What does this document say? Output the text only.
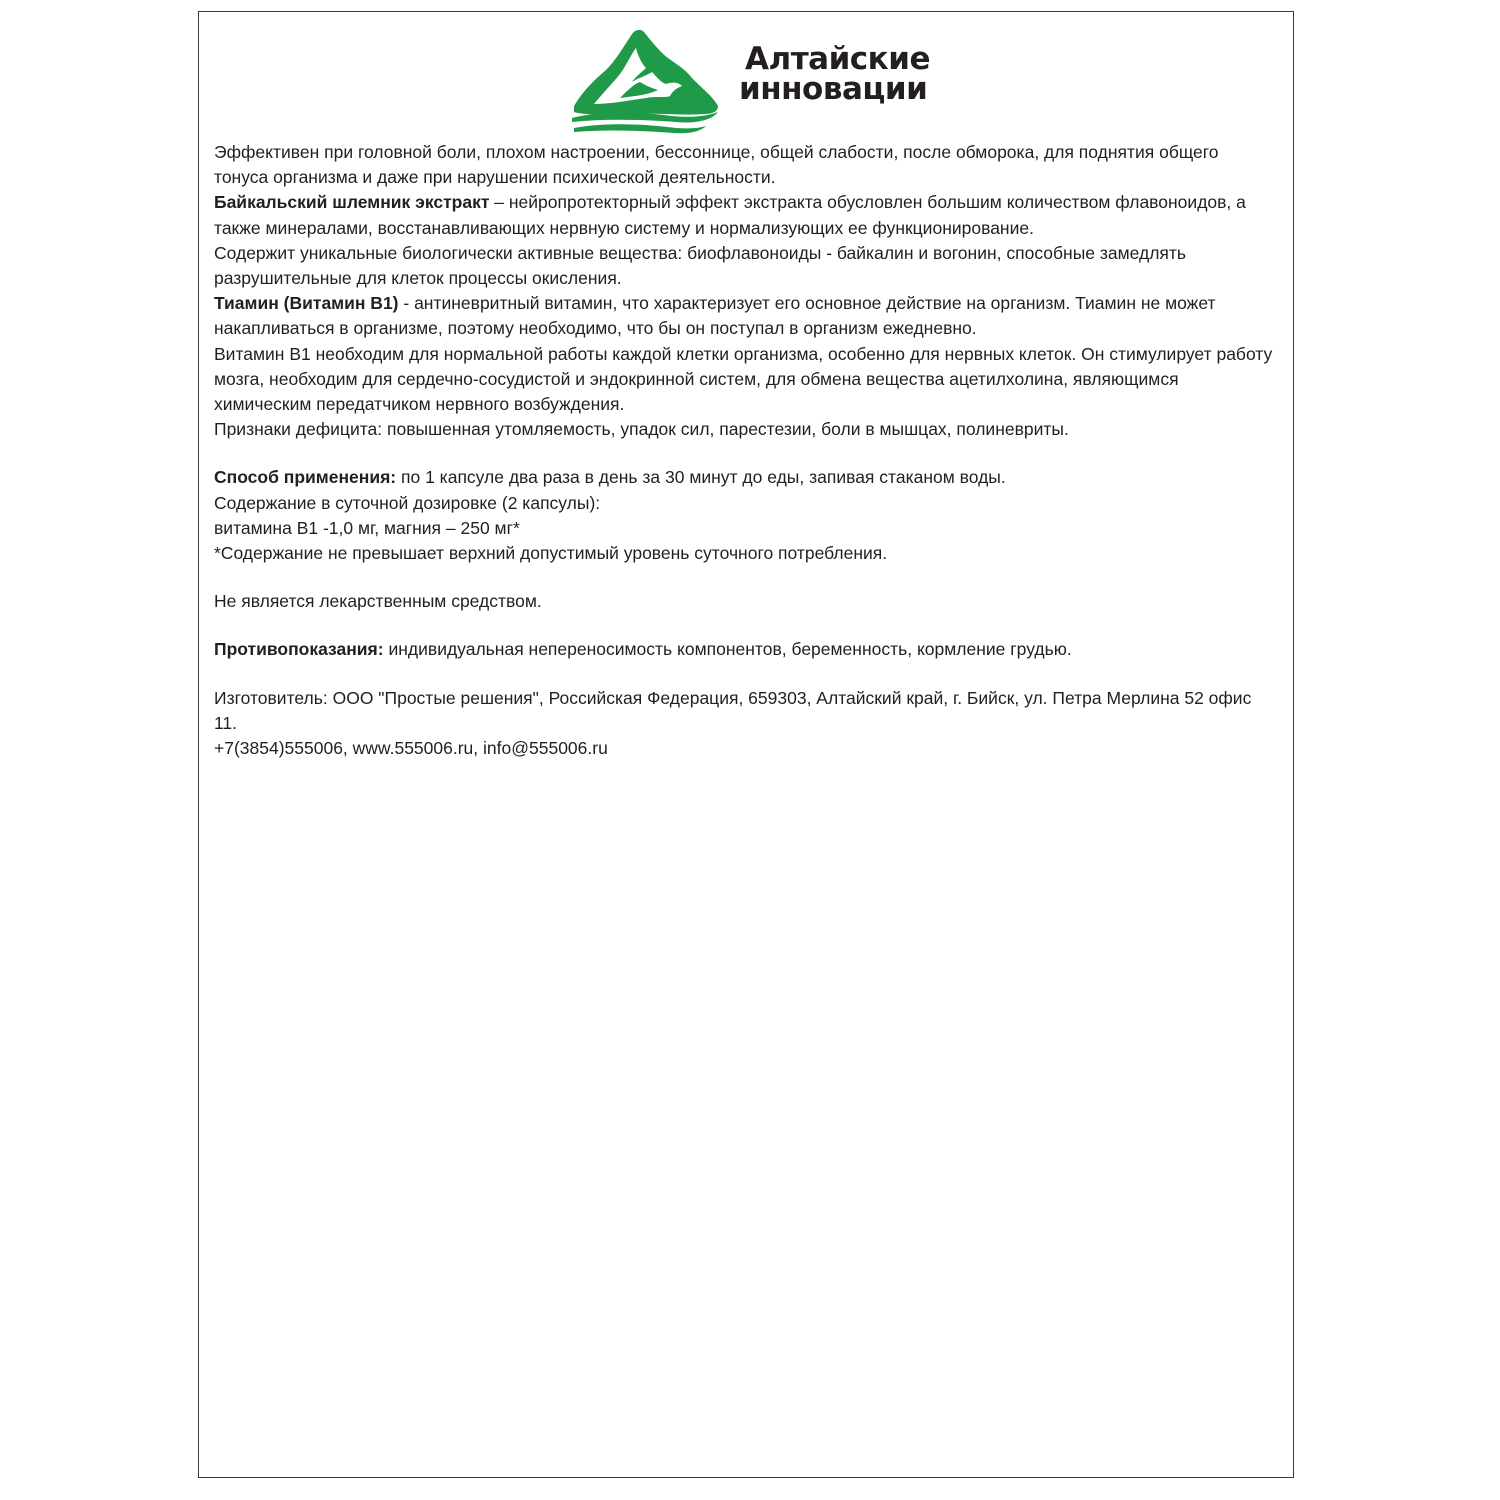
Алтайские
инновации

Эффективен при головной боли, плохом настроении, бессоннице, общей слабости, после обморока, для поднятия общего тонуса организма и даже при нарушении психической деятельности.

Байкальский шлемник экстракт – нейропротекторный эффект экстракта обусловлен большим количеством флавоноидов, а также минералами, восстанавливающих нервную систему и нормализующих ее функционирование.

Содержит уникальные биологически активные вещества: биофлавоноиды - байкалин и вогонин, способные замедлять разрушительные для клеток процессы окисления.

Тиамин (Витамин В1) - антиневритный витамин, что характеризует его основное действие на организм. Тиамин не может накапливаться в организме, поэтому необходимо, что бы он поступал в организм ежедневно.

Витамин В1 необходим для нормальной работы каждой клетки организма, особенно для нервных клеток. Он стимулирует работу мозга, необходим для сердечно-сосудистой и эндокринной систем, для обмена вещества ацетилхолина, являющимся химическим передатчиком нервного возбуждения.

Признаки дефицита: повышенная утомляемость, упадок сил, парестезии, боли в мышцах, полиневриты.

Способ применения: по 1 капсуле два раза в день за 30 минут до еды, запивая стаканом воды.

Содержание в суточной дозировке (2 капсулы):

витамина В1 -1,0 мг, магния – 250 мг*

*Содержание не превышает верхний допустимый уровень суточного потребления.

Не является лекарственным средством.

Противопоказания: индивидуальная непереносимость компонентов, беременность, кормление грудью.

Изготовитель: ООО "Простые решения", Российская Федерация, 659303, Алтайский край, г. Бийск, ул. Петра Мерлина 52 офис 11.

+7(3854)555006, www.555006.ru, info@555006.ru
